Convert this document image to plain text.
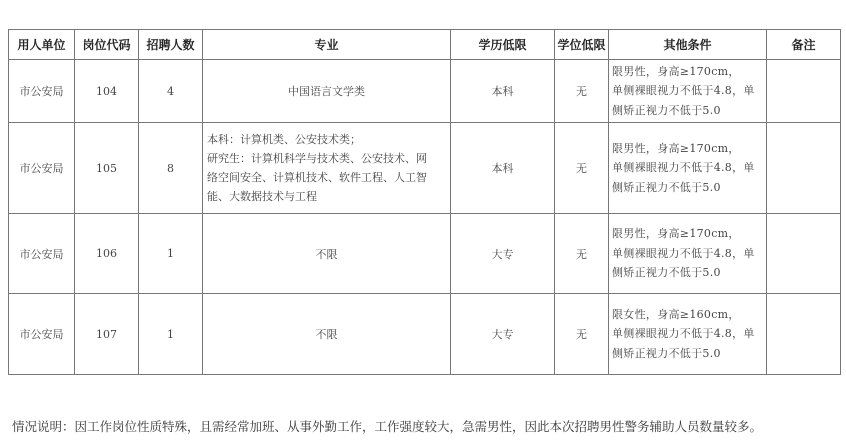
用人单位	岗位代码	招聘人数	专业	学历低限	学位低限	其他条件	备注
市公安局	104	4	中国语言文学类	本科	无	限男性，身高≥170cm，
单侧裸眼视力不低于4.8，单
侧矫正视力不低于5.0	

市公安局	105	8	本科：计算机类、公安技术类；
研究生：计算机科学与技术类、公安技术、网
络空间安全、计算机技术、软件工程、人工智
能、大数据技术与工程	本科	无	限男性，身高≥170cm，
单侧裸眼视力不低于4.8，单
侧矫正视力不低于5.0	

市公安局	106	1	不限	大专	无	限男性，身高≥170cm，
单侧裸眼视力不低于4.8，单
侧矫正视力不低于5.0	

市公安局	107	1	不限	大专	无	限女性，身高≥160cm，
单侧裸眼视力不低于4.8，单
侧矫正视力不低于5.0	

情况说明：因工作岗位性质特殊，且需经常加班、从事外勤工作，工作强度较大，急需男性，因此本次招聘男性警务辅助人员数量较多。
